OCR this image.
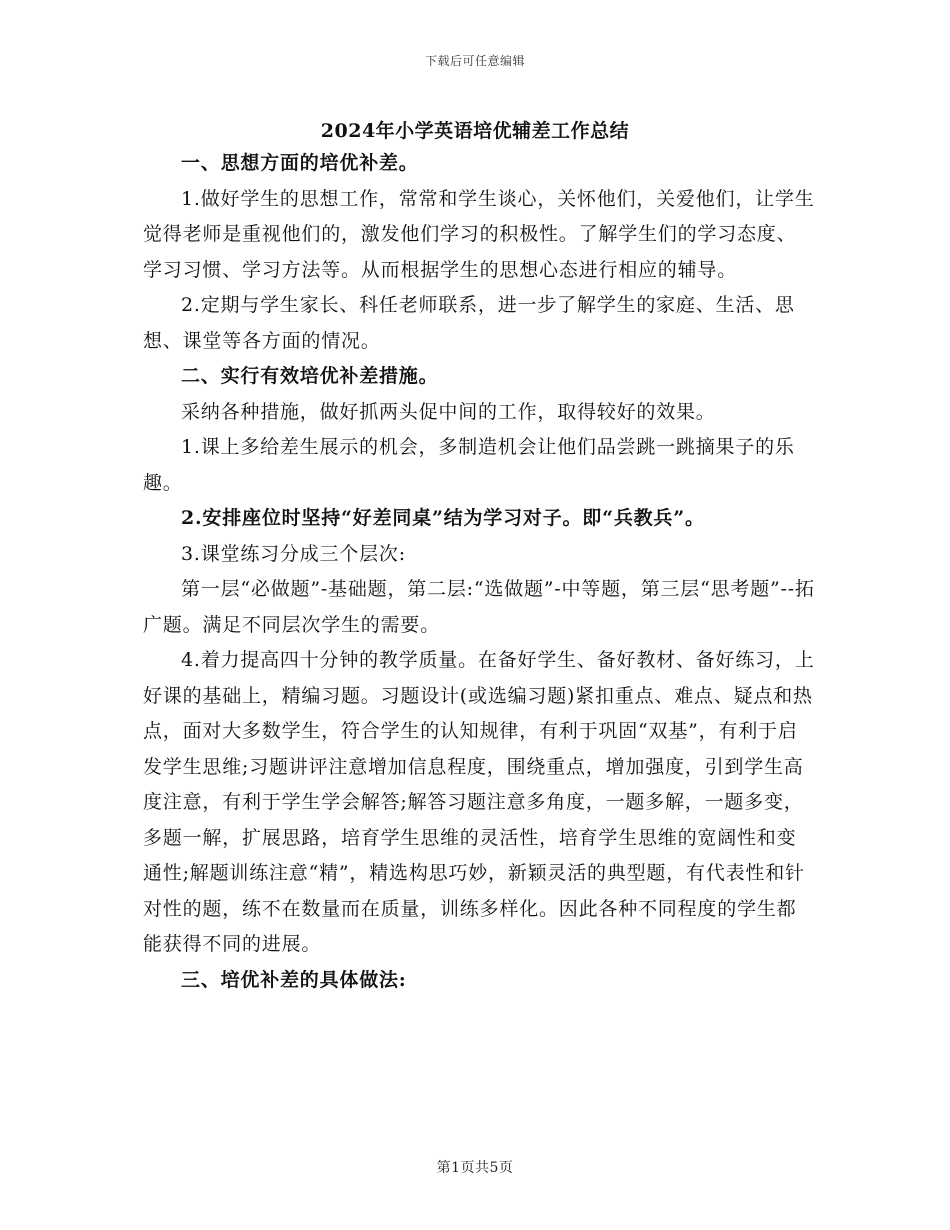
下载后可任意编辑
2024年小学英语培优辅差工作总结

一、思想方面的培优补差。

1.做好学生的思想工作，常常和学生谈心，关怀他们，关爱他们，让学生觉得老师是重视他们的，激发他们学习的积极性。了解学生们的学习态度、学习习惯、学习方法等。从而根据学生的思想心态进行相应的辅导。

2.定期与学生家长、科任老师联系，进一步了解学生的家庭、生活、思想、课堂等各方面的情况。

二、实行有效培优补差措施。

采纳各种措施，做好抓两头促中间的工作，取得较好的效果。

1.课上多给差生展示的机会，多制造机会让他们品尝跳一跳摘果子的乐趣。

2.安排座位时坚持“好差同桌”结为学习对子。即“兵教兵”。

3.课堂练习分成三个层次:

第一层“必做题”-基础题，第二层:“选做题”-中等题，第三层“思考题”--拓广题。满足不同层次学生的需要。

4.着力提高四十分钟的教学质量。在备好学生、备好教材、备好练习，上好课的基础上，精编习题。习题设计(或选编习题)紧扣重点、难点、疑点和热点，面对大多数学生，符合学生的认知规律，有利于巩固“双基”，有利于启发学生思维;习题讲评注意增加信息程度，围绕重点，增加强度，引到学生高度注意，有利于学生学会解答;解答习题注意多角度，一题多解，一题多变，多题一解，扩展思路，培育学生思维的灵活性，培育学生思维的宽阔性和变通性;解题训练注意“精”，精选构思巧妙，新颖灵活的典型题，有代表性和针对性的题，练不在数量而在质量，训练多样化。因此各种不同程度的学生都能获得不同的进展。

三、培优补差的具体做法:

第1页共5页
